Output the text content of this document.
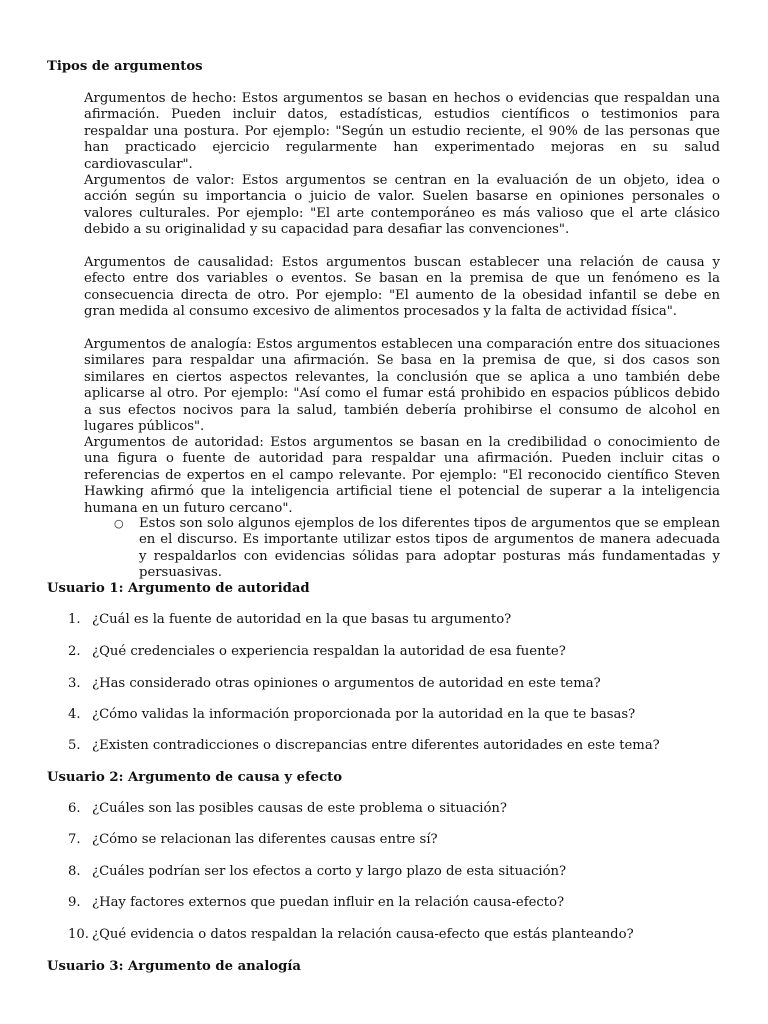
Tipos de argumentos

Argumentos de hecho: Estos argumentos se basan en hechos o evidencias que respaldan una afirmación. Pueden incluir datos, estadísticas, estudios científicos o testimonios para respaldar una postura. Por ejemplo: "Según un estudio reciente, el 90% de las personas que han practicado ejercicio regularmente han experimentado mejoras en su salud cardiovascular".

Argumentos de valor: Estos argumentos se centran en la evaluación de un objeto, idea o acción según su importancia o juicio de valor. Suelen basarse en opiniones personales o valores culturales. Por ejemplo: "El arte contemporáneo es más valioso que el arte clásico debido a su originalidad y su capacidad para desafiar las convenciones".

Argumentos de causalidad: Estos argumentos buscan establecer una relación de causa y efecto entre dos variables o eventos. Se basan en la premisa de que un fenómeno es la consecuencia directa de otro. Por ejemplo: "El aumento de la obesidad infantil se debe en gran medida al consumo excesivo de alimentos procesados y la falta de actividad física".

Argumentos de analogía: Estos argumentos establecen una comparación entre dos situaciones similares para respaldar una afirmación. Se basa en la premisa de que, si dos casos son similares en ciertos aspectos relevantes, la conclusión que se aplica a uno también debe aplicarse al otro. Por ejemplo: "Así como el fumar está prohibido en espacios públicos debido a sus efectos nocivos para la salud, también debería prohibirse el consumo de alcohol en lugares públicos".

Argumentos de autoridad: Estos argumentos se basan en la credibilidad o conocimiento de una figura o fuente de autoridad para respaldar una afirmación. Pueden incluir citas o referencias de expertos en el campo relevante. Por ejemplo: "El reconocido científico Steven Hawking afirmó que la inteligencia artificial tiene el potencial de superar a la inteligencia humana en un futuro cercano".

○ Estos son solo algunos ejemplos de los diferentes tipos de argumentos que se emplean en el discurso. Es importante utilizar estos tipos de argumentos de manera adecuada y respaldarlos con evidencias sólidas para adoptar posturas más fundamentadas y persuasivas.

Usuario 1: Argumento de autoridad
1. ¿Cuál es la fuente de autoridad en la que basas tu argumento?
2. ¿Qué credenciales o experiencia respaldan la autoridad de esa fuente?
3. ¿Has considerado otras opiniones o argumentos de autoridad en este tema?
4. ¿Cómo validas la información proporcionada por la autoridad en la que te basas?
5. ¿Existen contradicciones o discrepancias entre diferentes autoridades en este tema?
Usuario 2: Argumento de causa y efecto
6. ¿Cuáles son las posibles causas de este problema o situación?
7. ¿Cómo se relacionan las diferentes causas entre sí?
8. ¿Cuáles podrían ser los efectos a corto y largo plazo de esta situación?
9. ¿Hay factores externos que puedan influir en la relación causa-efecto?
10. ¿Qué evidencia o datos respaldan la relación causa-efecto que estás planteando?
Usuario 3: Argumento de analogía
